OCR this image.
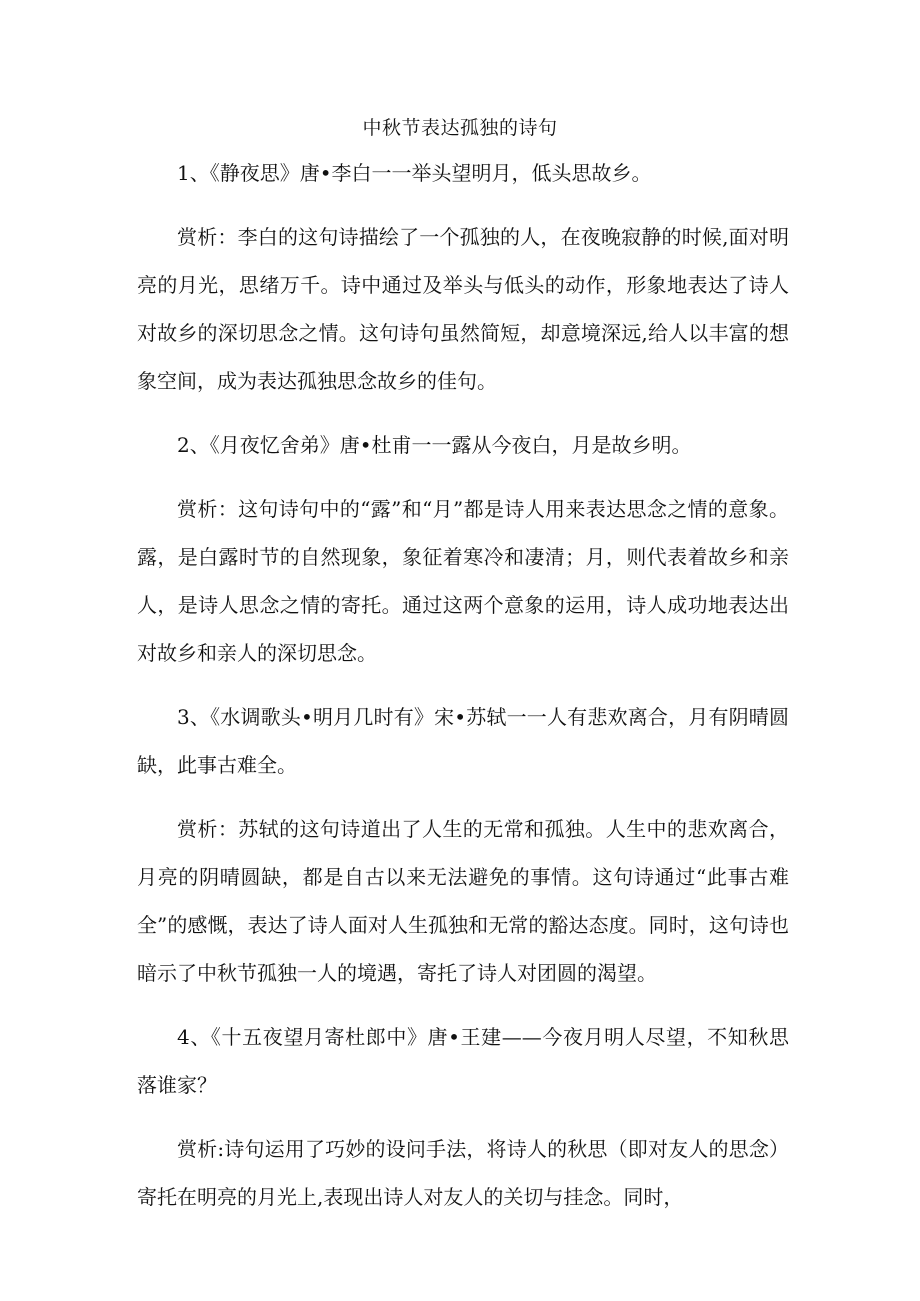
中秋节表达孤独的诗句

1、《静夜思》唐•李白一一举头望明月，低头思故乡。

赏析：李白的这句诗描绘了一个孤独的人，在夜晚寂静的时候,面对明亮的月光，思绪万千。诗中通过及举头与低头的动作，形象地表达了诗人对故乡的深切思念之情。这句诗句虽然简短，却意境深远,给人以丰富的想象空间，成为表达孤独思念故乡的佳句。

2、《月夜忆舍弟》唐•杜甫一一露从今夜白，月是故乡明。

赏析：这句诗句中的“露”和“月”都是诗人用来表达思念之情的意象。露，是白露时节的自然现象，象征着寒冷和凄清；月，则代表着故乡和亲人，是诗人思念之情的寄托。通过这两个意象的运用，诗人成功地表达出对故乡和亲人的深切思念。

3、《水调歌头•明月几时有》宋•苏轼一一人有悲欢离合，月有阴晴圆缺，此事古难全。

赏析：苏轼的这句诗道出了人生的无常和孤独。人生中的悲欢离合，月亮的阴晴圆缺，都是自古以来无法避免的事情。这句诗通过“此事古难全”的感慨，表达了诗人面对人生孤独和无常的豁达态度。同时，这句诗也暗示了中秋节孤独一人的境遇，寄托了诗人对团圆的渴望。

4、《十五夜望月寄杜郎中》唐•王建——今夜月明人尽望，不知秋思落谁家？

赏析:诗句运用了巧妙的设问手法，将诗人的秋思（即对友人的思念）寄托在明亮的月光上,表现出诗人对友人的关切与挂念。同时，
